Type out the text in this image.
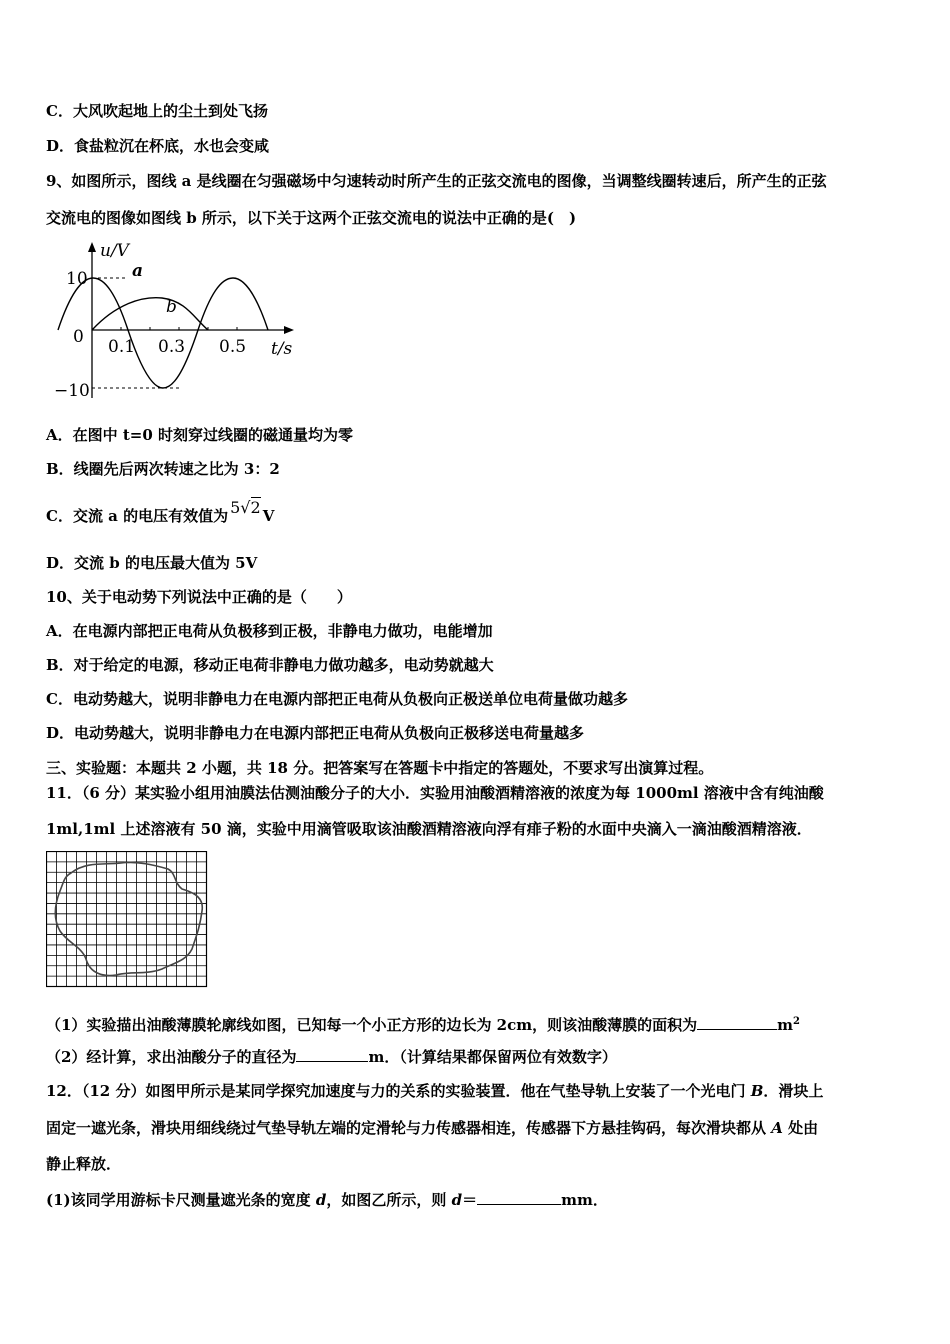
C．大风吹起地上的尘土到处飞扬
D．食盐粒沉在杯底，水也会变咸
9、如图所示，图线 a 是线圈在匀强磁场中匀速转动时所产生的正弦交流电的图像，当调整线圈转速后，所产生的正弦
交流电的图像如图线 b 所示，以下关于这两个正弦交流电的说法中正确的是(　)
u/V
t/s
10
0
−10
0.1 0.3 0.5
a
b
A．在图中 t=0 时刻穿过线圈的磁通量均为零
B．线圈先后两次转速之比为 3：2
C．交流 a 的电压有效值为 5√2 V
D．交流 b 的电压最大值为 5V
10、关于电动势下列说法中正确的是（　　）
A．在电源内部把正电荷从负极移到正极，非静电力做功，电能增加
B．对于给定的电源，移动正电荷非静电力做功越多，电动势就越大
C．电动势越大，说明非静电力在电源内部把正电荷从负极向正极送单位电荷量做功越多
D．电动势越大，说明非静电力在电源内部把正电荷从负极向正极移送电荷量越多
三、实验题：本题共 2 小题，共 18 分。把答案写在答题卡中指定的答题处，不要求写出演算过程。
11．（6 分）某实验小组用油膜法估测油酸分子的大小．实验用油酸酒精溶液的浓度为每 1000ml 溶液中含有纯油酸
1ml,1ml 上述溶液有 50 滴，实验中用滴管吸取该油酸酒精溶液向浮有痱子粉的水面中央滴入一滴油酸酒精溶液．
（1）实验描出油酸薄膜轮廓线如图，已知每一个小正方形的边长为 2cm，则该油酸薄膜的面积为	$m^2$
（2）经计算，求出油酸分子的直径为	m．（计算结果都保留两位有效数字）
12．（12 分）如图甲所示是某同学探究加速度与力的关系的实验装置．他在气垫导轨上安装了一个光电门 B．滑块上
固定一遮光条，滑块用细线绕过气垫导轨左端的定滑轮与力传感器相连，传感器下方悬挂钩码，每次滑块都从 A 处由
静止释放．
(1)该同学用游标卡尺测量遮光条的宽度 d，如图乙所示，则 d＝	mm．
